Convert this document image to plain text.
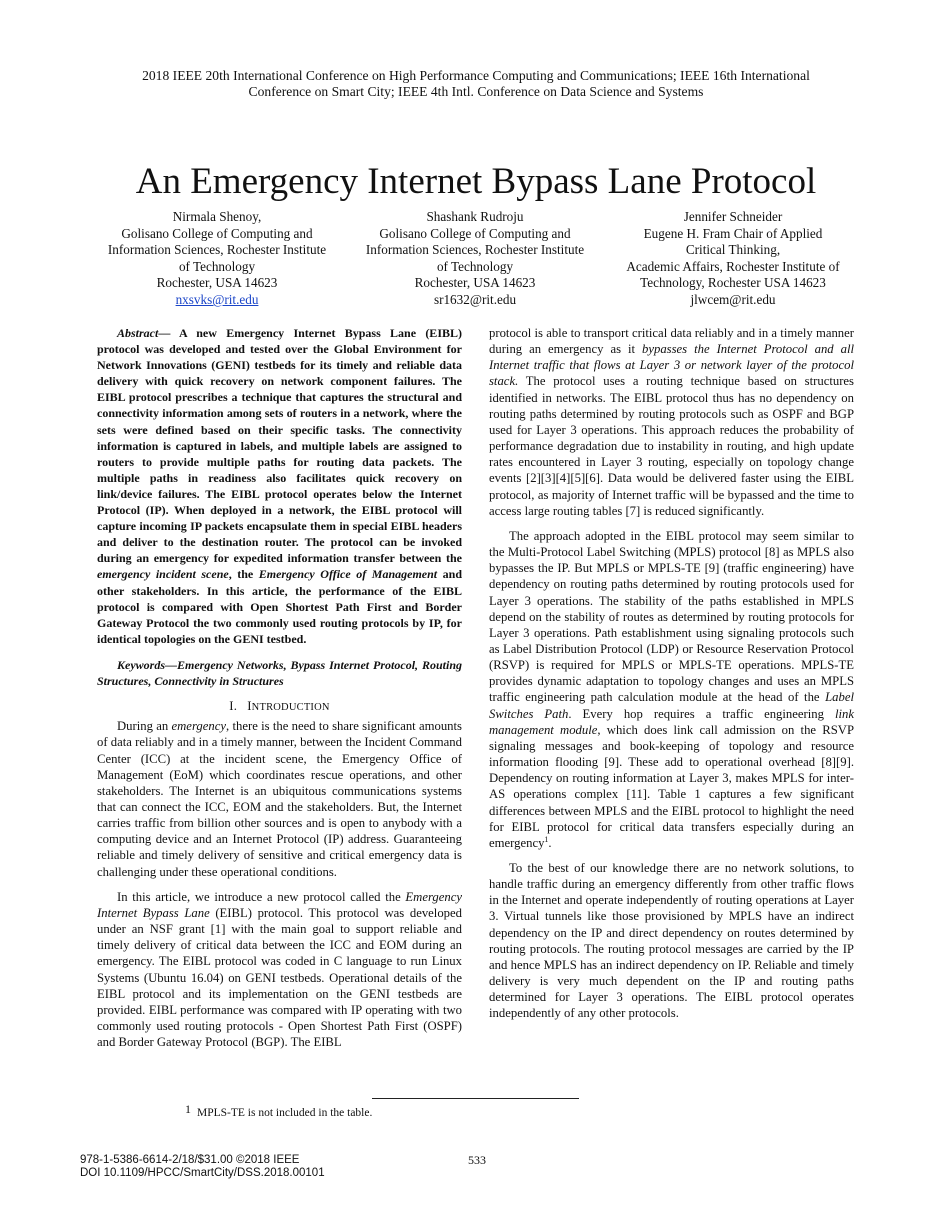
2018 IEEE 20th International Conference on High Performance Computing and Communications; IEEE 16th International
Conference on Smart City; IEEE 4th Intl. Conference on Data Science and Systems
An Emergency Internet Bypass Lane Protocol
Nirmala Shenoy,
Golisano College of Computing and
Information Sciences, Rochester Institute
of Technology
Rochester, USA 14623
nxsvks@rit.edu
Shashank Rudroju
Golisano College of Computing and
Information Sciences, Rochester Institute
of Technology
Rochester, USA 14623
sr1632@rit.edu
Jennifer Schneider
Eugene H. Fram Chair of Applied
Critical Thinking,
Academic Affairs, Rochester Institute of
Technology, Rochester USA 14623
jlwcem@rit.edu

Abstract— A new Emergency Internet Bypass Lane (EIBL) protocol was developed and tested over the Global Environment for Network Innovations (GENI) testbeds for its timely and reliable data delivery with quick recovery on network component failures. The EIBL protocol prescribes a technique that captures the structural and connectivity information among sets of routers in a network, where the sets were defined based on their specific tasks. The connectivity information is captured in labels, and multiple labels are assigned to routers to provide multiple paths for routing data packets. The multiple paths in readiness also facilitates quick recovery on link/device failures. The EIBL protocol operates below the Internet Protocol (IP). When deployed in a network, the EIBL protocol will capture incoming IP packets encapsulate them in special EIBL headers and deliver to the destination router. The protocol can be invoked during an emergency for expedited information transfer between the emergency incident scene, the Emergency Office of Management and other stakeholders. In this article, the performance of the EIBL protocol is compared with Open Shortest Path First and Border Gateway Protocol the two commonly used routing protocols by IP, for identical topologies on the GENI testbed.

Keywords—Emergency Networks, Bypass Internet Protocol, Routing Structures, Connectivity in Structures

I. INTRODUCTION

During an emergency, there is the need to share significant amounts of data reliably and in a timely manner, between the Incident Command Center (ICC) at the incident scene, the Emergency Office of Management (EoM) which coordinates rescue operations, and other stakeholders. The Internet is an ubiquitous communications systems that can connect the ICC, EOM and the stakeholders. But, the Internet carries traffic from billion other sources and is open to anybody with a computing device and an Internet Protocol (IP) address. Guaranteeing reliable and timely delivery of sensitive and critical emergency data is challenging under these operational conditions.

In this article, we introduce a new protocol called the Emergency Internet Bypass Lane (EIBL) protocol. This protocol was developed under an NSF grant [1] with the main goal to support reliable and timely delivery of critical data between the ICC and EOM during an emergency. The EIBL protocol was coded in C language to run Linux Systems (Ubuntu 16.04) on GENI testbeds. Operational details of the EIBL protocol and its implementation on the GENI testbeds are provided. EIBL performance was compared with IP operating with two commonly used routing protocols - Open Shortest Path First (OSPF) and Border Gateway Protocol (BGP). The EIBL

protocol is able to transport critical data reliably and in a timely manner during an emergency as it bypasses the Internet Protocol and all Internet traffic that flows at Layer 3 or network layer of the protocol stack. The protocol uses a routing technique based on structures identified in networks. The EIBL protocol thus has no dependency on routing paths determined by routing protocols such as OSPF and BGP used for Layer 3 operations. This approach reduces the probability of performance degradation due to instability in routing, and high update rates encountered in Layer 3 routing, especially on topology change events [2][3][4][5][6]. Data would be delivered faster using the EIBL protocol, as majority of Internet traffic will be bypassed and the time to access large routing tables [7] is reduced significantly.

The approach adopted in the EIBL protocol may seem similar to the Multi-Protocol Label Switching (MPLS) protocol [8] as MPLS also bypasses the IP. But MPLS or MPLS-TE [9] (traffic engineering) have dependency on routing paths determined by routing protocols used for Layer 3 operations. The stability of the paths established in MPLS depend on the stability of routes as determined by routing protocols for Layer 3 operations. Path establishment using signaling protocols such as Label Distribution Protocol (LDP) or Resource Reservation Protocol (RSVP) is required for MPLS or MPLS-TE operations. MPLS-TE provides dynamic adaptation to topology changes and uses an MPLS traffic engineering path calculation module at the head of the Label Switches Path. Every hop requires a traffic engineering link management module, which does link call admission on the RSVP signaling messages and book-keeping of topology and resource information flooding [9]. These add to operational overhead [8][9]. Dependency on routing information at Layer 3, makes MPLS for inter-AS operations complex [11]. Table 1 captures a few significant differences between MPLS and the EIBL protocol to highlight the need for EIBL protocol for critical data transfers especially during an emergency$^1$.

To the best of our knowledge there are no network solutions, to handle traffic during an emergency differently from other traffic flows in the Internet and operate independently of routing operations at Layer 3. Virtual tunnels like those provisioned by MPLS have an indirect dependency on the IP and direct dependency on routes determined by routing protocols. The routing protocol messages are carried by the IP and hence MPLS has an indirect dependency on IP. Reliable and timely delivery is very much dependent on the IP and routing paths determined for Layer 3 operations. The EIBL protocol operates independently of any other protocols.

$^1$ MPLS-TE is not included in the table.
978-1-5386-6614-2/18/$31.00 ©2018 IEEE
DOI 10.1109/HPCC/SmartCity/DSS.2018.00101
533
